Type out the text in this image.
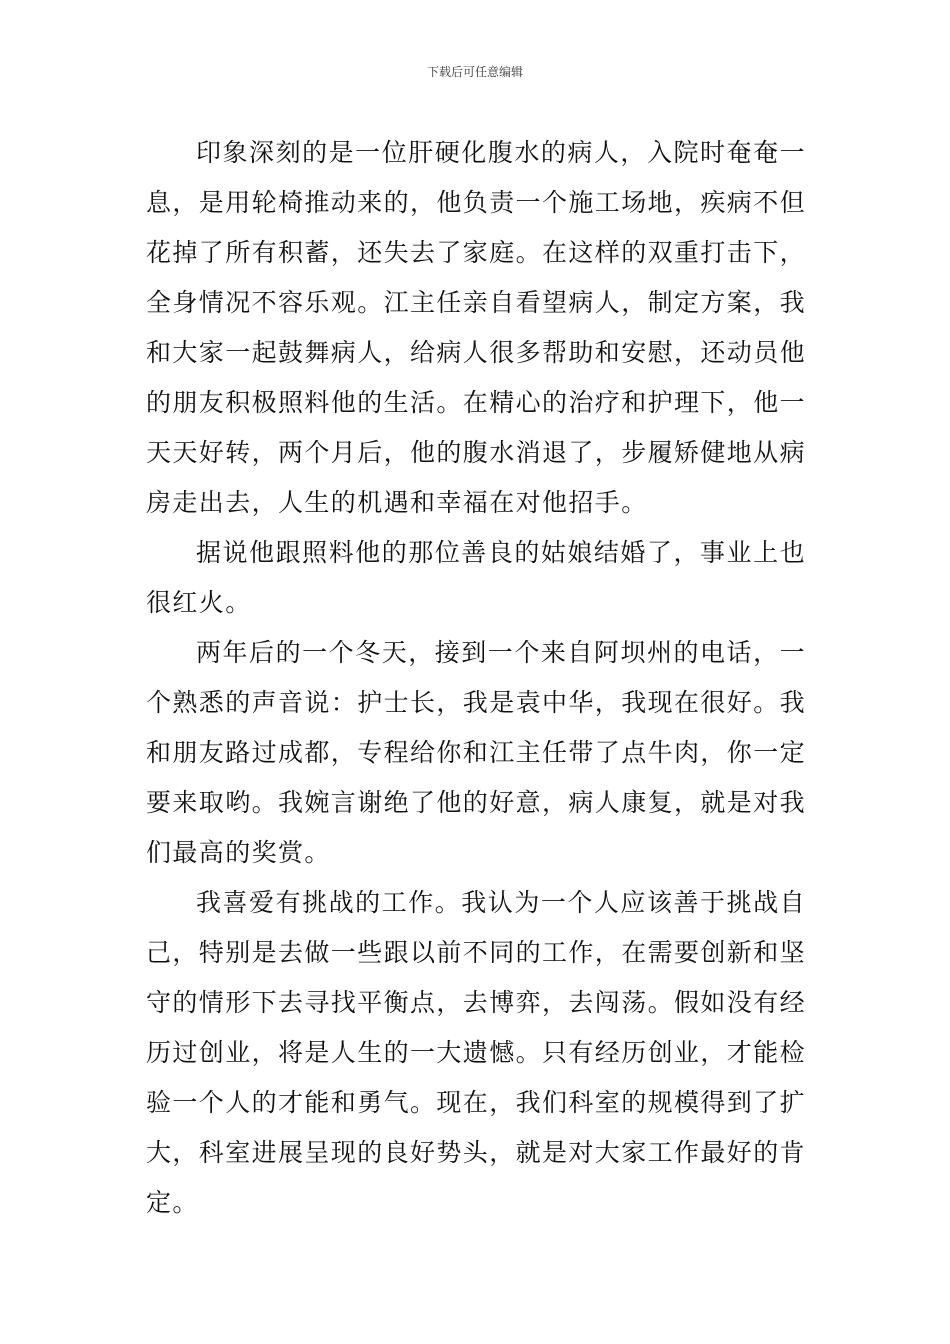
下载后可任意编辑

印象深刻的是一位肝硬化腹水的病人，入院时奄奄一息，是用轮椅推动来的，他负责一个施工场地，疾病不但花掉了所有积蓄，还失去了家庭。在这样的双重打击下，全身情况不容乐观。江主任亲自看望病人，制定方案，我和大家一起鼓舞病人，给病人很多帮助和安慰，还动员他的朋友积极照料他的生活。在精心的治疗和护理下，他一天天好转，两个月后，他的腹水消退了，步履矫健地从病房走出去，人生的机遇和幸福在对他招手。

据说他跟照料他的那位善良的姑娘结婚了，事业上也很红火。

两年后的一个冬天，接到一个来自阿坝州的电话，一个熟悉的声音说：护士长，我是袁中华，我现在很好。我和朋友路过成都，专程给你和江主任带了点牛肉，你一定要来取哟。我婉言谢绝了他的好意，病人康复，就是对我们最高的奖赏。

我喜爱有挑战的工作。我认为一个人应该善于挑战自己，特别是去做一些跟以前不同的工作，在需要创新和坚守的情形下去寻找平衡点，去博弈，去闯荡。假如没有经历过创业，将是人生的一大遗憾。只有经历创业，才能检验一个人的才能和勇气。现在，我们科室的规模得到了扩大，科室进展呈现的良好势头，就是对大家工作最好的肯定。
